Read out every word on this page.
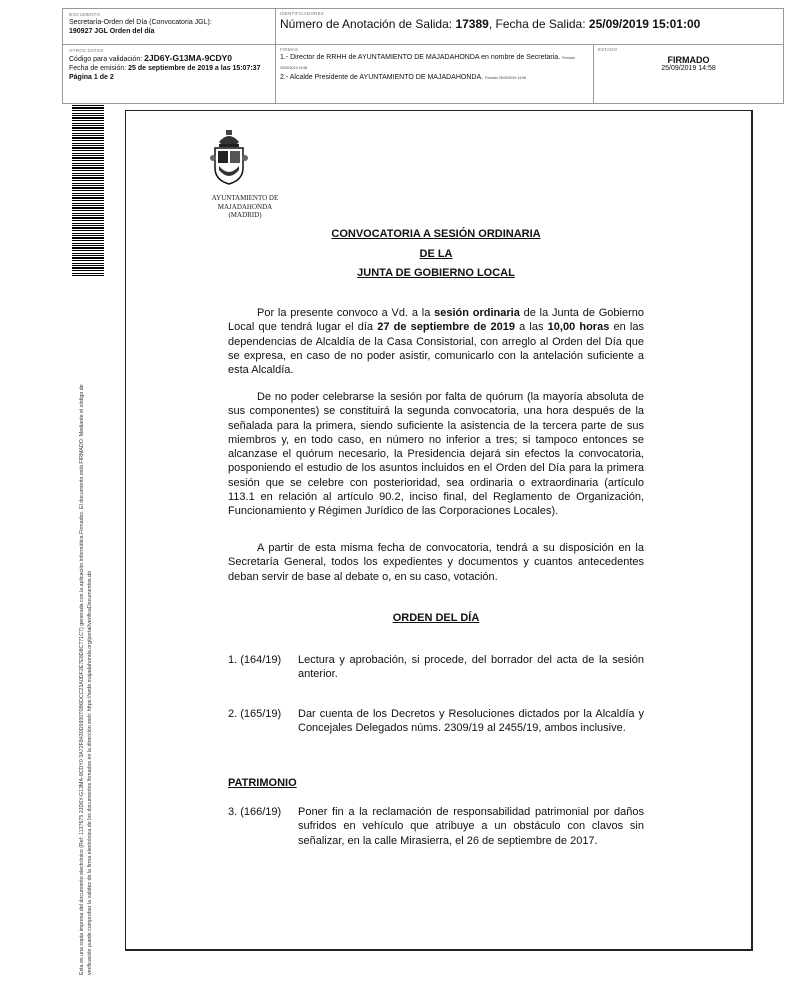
DOCUMENTO
Secretaría-Orden del Día (Convocatoria JGL):
190927 JGL Orden del día
IDENTIFICADORES
Número de Anotación de Salida: 17389, Fecha de Salida: 25/09/2019 15:01:00
OTROS DATOS
Código para validación: 2JD6Y-G13MA-9CDY0
Fecha de emisión: 25 de septiembre de 2019 a las 15:07:37
Página 1 de 2
FIRMAS
1.- Director de RRHH de AYUNTAMIENTO DE MAJADAHONDA en nombre de Secretaria. Firmado 25/09/2019 14:58
2.- Alcalde Presidente de AYUNTAMIENTO DE MAJADAHONDA. Firmado 25/09/2019 14:58
ESTADO
FIRMADO
25/09/2019 14:58
Esta es una copia impresa del documento electrónico (Ref: 1137675 2JD6Y-G13MA-9CDY0 3A72F8430D5930T0B6DCC23A0DF2E7E8D8C771C7) generada con la aplicación informática Firmadoc. El documento está FIRMADO. Mediante el código de verificación puede comprobar la validez de la firma electrónica de los documentos firmados en la dirección web: https://sede.majadahonda.org/portal/verificaDocumentos.do
AYUNTAMIENTO DE
MAJADAHONDA
(MADRID)
CONVOCATORIA A SESIÓN ORDINARIA
DE LA
JUNTA DE GOBIERNO LOCAL

Por la presente convoco a Vd. a la sesión ordinaria de la Junta de Gobierno Local que tendrá lugar el día 27 de septiembre de 2019 a las 10,00 horas en las dependencias de Alcaldía de la Casa Consistorial, con arreglo al Orden del Día que se expresa, en caso de no poder asistir, comunicarlo con la antelación suficiente a esta Alcaldía.

De no poder celebrarse la sesión por falta de quórum (la mayoría absoluta de sus componentes) se constituirá la segunda convocatoria, una hora después de la señalada para la primera, siendo suficiente la asistencia de la tercera parte de sus miembros y, en todo caso, en número no inferior a tres; si tampoco entonces se alcanzase el quórum necesario, la Presidencia dejará sin efectos la convocatoria, posponiendo el estudio de los asuntos incluidos en el Orden del Día para la primera sesión que se celebre con posterioridad, sea ordinaria o extraordinaria (artículo 113.1 en relación al artículo 90.2, inciso final, del Reglamento de Organización, Funcionamiento y Régimen Jurídico de las Corporaciones Locales).

A partir de esta misma fecha de convocatoria, tendrá a su disposición en la Secretaría General, todos los expedientes y documentos y cuantos antecedentes deban servir de base al debate o, en su caso, votación.

ORDEN DEL DÍA
1. (164/19) Lectura y aprobación, si procede, del borrador del acta de la sesión anterior.
2. (165/19) Dar cuenta de los Decretos y Resoluciones dictados por la Alcaldía y Concejales Delegados núms. 2309/19 al 2455/19, ambos inclusive.
PATRIMONIO
3. (166/19) Poner fin a la reclamación de responsabilidad patrimonial por daños sufridos en vehículo que atribuye a un obstáculo con clavos sin señalizar, en la calle Mirasierra, el 26 de septiembre de 2017.
